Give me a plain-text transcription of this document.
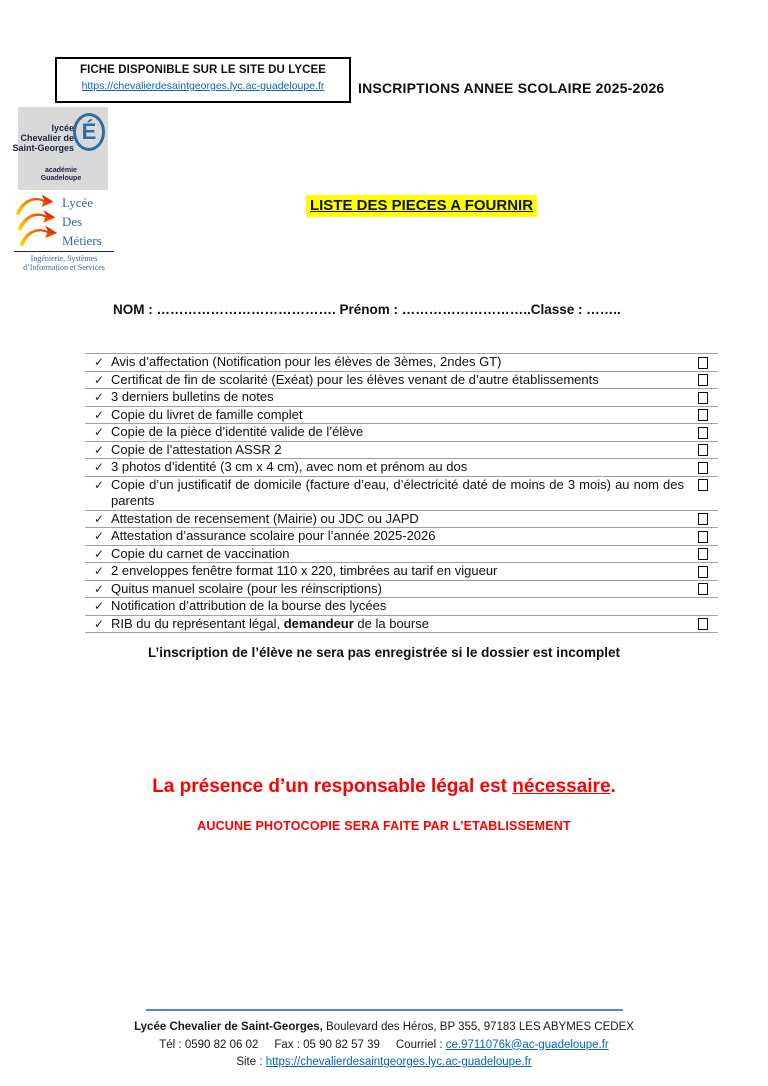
FICHE DISPONIBLE SUR LE SITE DU LYCEE
https://chevalierdesaintgeorges.lyc.ac-guadeloupe.fr	INSCRIPTIONS ANNEE SCOLAIRE 2025-2026
lycée
Chevalier de
Saint-Georges
É
académie
Guadeloupe
Lycée
Des
Métiers
Ingénierie, Systèmes
d’Information et Services
LISTE DES PIECES A FOURNIR
NOM : …………………………………. Prénom : ………………………..Classe : ……..
✓ Avis d’affectation (Notification pour les élèves de 3èmes, 2ndes GT)
✓ Certificat de fin de scolarité (Exéat) pour les élèves venant de d’autre établissements
✓ 3 derniers bulletins de notes
✓ Copie du livret de famille complet
✓ Copie de la pièce d’identité valide de l’élève
✓ Copie de l’attestation ASSR 2
✓ 3 photos d’identité (3 cm x 4 cm), avec nom et prénom au dos
✓ Copie d’un justificatif de domicile (facture d’eau, d’électricité daté de moins de 3 mois) au nom des parents
✓ Attestation de recensement (Mairie) ou JDC ou JAPD
✓ Attestation d’assurance scolaire pour l’année 2025-2026
✓ Copie du carnet de vaccination
✓ 2 enveloppes fenêtre format 110 x 220, timbrées au tarif en vigueur
✓ Quitus manuel scolaire (pour les réinscriptions)
✓ Notification d’attribution de la bourse des lycées
✓ RIB du du représentant légal, demandeur de la bourse
L’inscription de l’élève ne sera pas enregistrée si le dossier est incomplet
La présence d’un responsable légal est nécessaire.
AUCUNE PHOTOCOPIE SERA FAITE PAR L’ETABLISSEMENT
Lycée Chevalier de Saint-Georges, Boulevard des Héros, BP 355, 97183 LES ABYMES CEDEX
Tél : 0590 82 06 02 Fax : 05 90 82 57 39 Courriel : ce.9711076k@ac-guadeloupe.fr
Site : https://chevalierdesaintgeorges.lyc.ac-guadeloupe.fr
